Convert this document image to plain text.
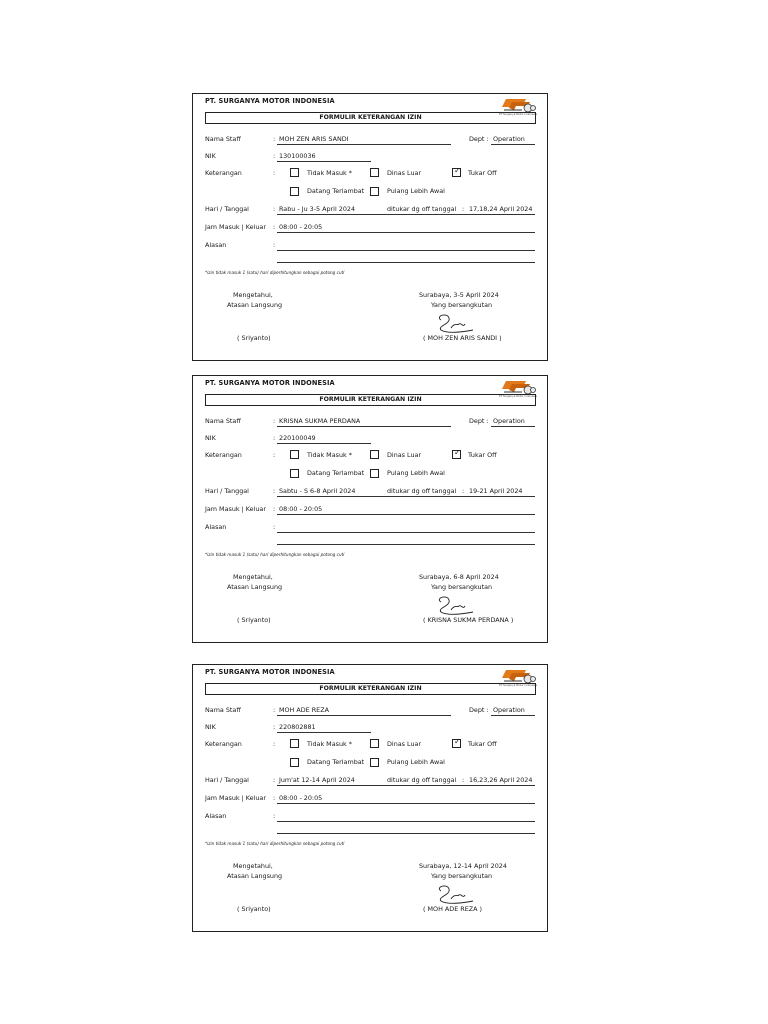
PT. SURGANYA MOTOR INDONESIA
PT Surganya Motor Indonesia
FORMULIR KETERANGAN IZIN
Nama Staff	: MOH ZEN ARIS SANDI	Dept : Operation
NIK	: 130100036
Keterangan	:	Tidak Masuk *	Dinas Luar	✓ Tukar Off
Datang Terlambat	Pulang Lebih Awal
Hari / Tanggal	: Rabu - Ju 3-5 April 2024	ditukar dg off tanggal : 17,18,24 April 2024
Jam Masuk | Keluar : 08:00 - 20:05
Alasan	:
*izin tidak masuk 1 (satu) hari diperhitungkan sebagai potong cuti
Mengetahui,
Atasan Langsung
Surabaya, 3-5 April 2024
Yang bersangkutan
( Sriyanto)	( MOH ZEN ARIS SANDI )
PT. SURGANYA MOTOR INDONESIA
PT Surganya Motor Indonesia
FORMULIR KETERANGAN IZIN
Nama Staff	: KRISNA SUKMA PERDANA	Dept : Operation
NIK	: 220100049
Keterangan	:	Tidak Masuk *	Dinas Luar	✓ Tukar Off
Datang Terlambat	Pulang Lebih Awal
Hari / Tanggal	: Sabtu - S 6-8 April 2024	ditukar dg off tanggal : 19-21 April 2024
Jam Masuk | Keluar : 08:00 - 20:05
Alasan	:
*izin tidak masuk 1 (satu) hari diperhitungkan sebagai potong cuti
Mengetahui,
Atasan Langsung
Surabaya, 6-8 April 2024
Yang bersangkutan
( Sriyanto)	( KRISNA SUKMA PERDANA )
PT. SURGANYA MOTOR INDONESIA
PT Surganya Motor Indonesia
FORMULIR KETERANGAN IZIN
Nama Staff	: MOH ADE REZA	Dept : Operation
NIK	: 220802881
Keterangan	:	Tidak Masuk *	Dinas Luar	✓ Tukar Off
Datang Terlambat	Pulang Lebih Awal
Hari / Tanggal	: Jum'at 12-14 April 2024	ditukar dg off tanggal : 16,23,26 April 2024
Jam Masuk | Keluar : 08:00 - 20:05
Alasan	:
*izin tidak masuk 1 (satu) hari diperhitungkan sebagai potong cuti
Mengetahui,
Atasan Langsung
Surabaya, 12-14 April 2024
Yang bersangkutan
( Sriyanto)	( MOH ADE REZA )
